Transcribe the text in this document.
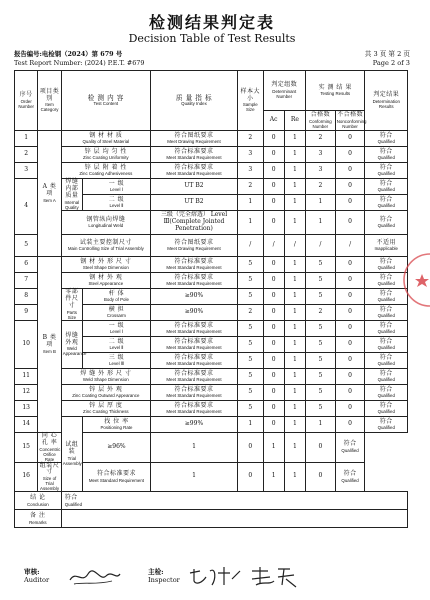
检测结果判定表
Decision Table of Test Results
报告编号:电检钢（2024）第 679 号
Test Report Number: (2024) P.E.T. #679
共 3 页 第 2 页
Page 2 of 3
序号
Order Number	项目类别
Item Category	检 测 内 容
Test Content		质 量 指 标
Quality Index	样本大小
Sample Size	判定组数
Determinant Number		实 测 结 果
Testing Results		判定结果
Determination Results

						Ac	Re	合格数
Conforming Number	不合格数
Nonconforming Number	

1	A 类 项
Item A	钢 材 材 质
Quality of Steel Material		符合图纸要求
Meet Drawing Requirement	2	0	1	2	0	符合
Qualified

2		锌 层 均 匀 性
Zinc Coating Uniformity		符合标准要求
Meet Standard Requirement	3	0	1	3	0	符合
Qualified

3		锌 层 附 着 性
Zinc Coating Adhesiveness		符合标准要求
Meet Standard Requirement	3	0	1	3	0	符合
Qualified

4		焊缝内部质量
Internal Quality	一 级
Level Ⅰ	UT B2	2	0	1	2	0	符合
Qualified

			二 级
Level Ⅱ	UT B2	1	0	1	1	0	符合
Qualified

		钢管纵向焊缝
Longitudinal Weld		三级（完全熔透） Level Ⅲ(Complete Jointed Penetration)	1	0	1	1	0	符合
Qualified

5		试装主要控制尺寸
Main Controlling Size of Trial Assembly		符合图纸要求
Meet Drawing Requirement	/	/	/	/	/	不适用
Inapplicable

6	B 类 项
Item B	钢 材 外 形 尺 寸
Steel Shape Dimension		符合标准要求
Meet Standard Requirement	5	0	1	5	0	符合
Qualified

7		钢 材 外 观
Steel Appearance		符合标准要求
Meet Standard Requirement	5	0	1	5	0	符合
Qualified

8		零部件尺寸
Parts Size	杆 体
Body of Pole	≥90%	5	0	1	5	0	符合
Qualified

9			横 担
Crossarm	≥90%	2	0	1	2	0	符合
Qualified

10		焊缝外观
Weld Appearance	一 级
Level Ⅰ	符合标准要求
Meet Standard Requirement	5	0	1	5	0	符合
Qualified

			二 级
Level Ⅱ	符合标准要求
Meet Standard Requirement	5	0	1	5	0	符合
Qualified

			三 级
Level Ⅲ	符合标准要求
Meet Standard Requirement	5	0	1	5	0	符合
Qualified

11		焊 缝 外 形 尺 寸
Weld Shape Dimension		符合标准要求
Meet Standard Requirement	5	0	1	5	0	符合
Qualified

12		锌 层 外 观
Zinc Coating Outward Appearance		符合标准要求
Meet Standard Requirement	5	0	1	5	0	符合
Qualified

13		锌 层 厚 度
Zinc Coating Thickness		符合标准要求
Meet Standard Requirement	5	0	1	5	0	符合
Qualified

14		试组装
Trial Assembly	找 位 率
Positioning Rate	≥99%	1	0	1	1	0	符合
Qualified

15	同 心 孔 率
Concentric Orifice Rate		≥96%	1	0	1	1	0	符合
Qualified	

16	组装尺寸
Size of Trial Assembly		符合标准要求
Meet Standard Requirement	1	0	1	1	0	符合
Qualified	

结 论
Conclusion		符合
Qualified								

备 注
Remarks										

审核:
Auditor
主检:
Inspector
